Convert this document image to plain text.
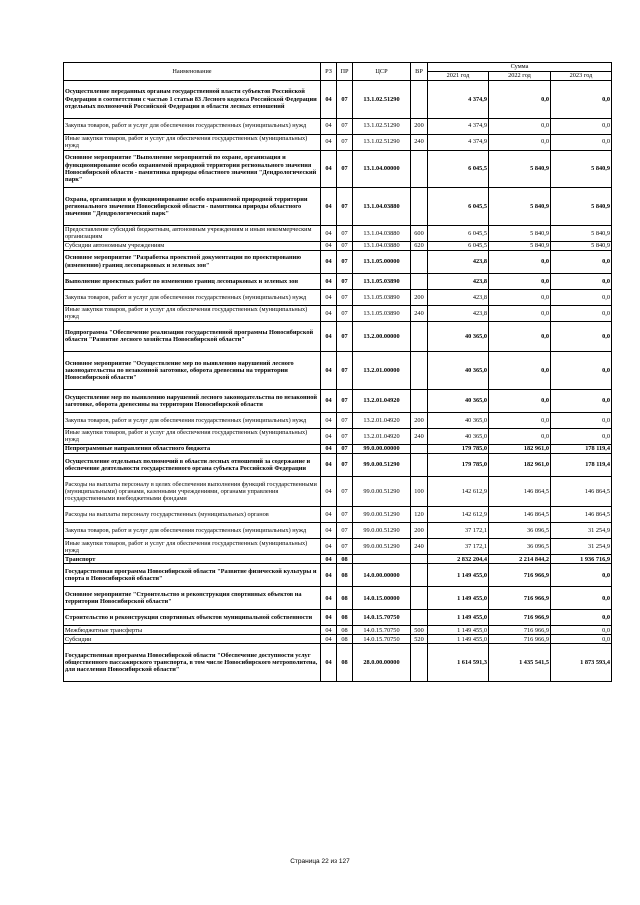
Наименование	РЗ	ПР	ЦСР	ВР	Сумма		
					2021 год	2022 год	2023 год
Осуществление переданных органам государственной власти субъектов Российской Федерации в соответствии с частью 1 статьи 83 Лесного кодекса Российской Федерации отдельных полномочий Российской Федерации в области лесных отношений	04	07	13.1.02.51290		4 374,9	0,0	0,0
Закупка товаров, работ и услуг для обеспечения государственных (муниципальных) нужд	04	07	13.1.02.51290	200	4 374,9	0,0	0,0
Иные закупки товаров, работ и услуг для обеспечения государственных (муниципальных) нужд	04	07	13.1.02.51290	240	4 374,9	0,0	0,0
Основное мероприятие "Выполнение мероприятий по охране, организация и функционирование особо охраняемой природной территории регионального значения Новосибирской области - памятника природы областного значения "Дендрологический парк"	04	07	13.1.04.00000		6 045,5	5 840,9	5 840,9
Охрана, организация и функционирование особо охраняемой природной территории регионального значения Новосибирской области - памятника природы областного значения "Дендрологический парк"	04	07	13.1.04.03880		6 045,5	5 840,9	5 840,9
Предоставление субсидий бюджетным, автономным учреждениям и иным некоммерческим организациям	04	07	13.1.04.03880	600	6 045,5	5 840,9	5 840,9
Субсидии автономным учреждениям	04	07	13.1.04.03880	620	6 045,5	5 840,9	5 840,9
Основное мероприятие "Разработка проектной документации по проектированию (изменению) границ лесопарковых и зеленых зон"	04	07	13.1.05.00000		423,8	0,0	0,0
Выполнение проектных работ по изменению границ лесопарковых и зеленых зон	04	07	13.1.05.03890		423,8	0,0	0,0
Закупка товаров, работ и услуг для обеспечения государственных (муниципальных) нужд	04	07	13.1.05.03890	200	423,8	0,0	0,0
Иные закупки товаров, работ и услуг для обеспечения государственных (муниципальных) нужд	04	07	13.1.05.03890	240	423,8	0,0	0,0
Подпрограмма "Обеспечение реализации государственной программы Новосибирской области "Развитие лесного хозяйства Новосибирской области"	04	07	13.2.00.00000		40 365,0	0,0	0,0
Основное мероприятие "Осуществление мер по выявлению нарушений лесного законодательства по незаконной заготовке, оборота древесины на территории Новосибирской области"	04	07	13.2.01.00000		40 365,0	0,0	0,0
Осуществление мер по выявлению нарушений лесного законодательства по незаконной заготовке, оборота древесины на территории Новосибирской области	04	07	13.2.01.04920		40 365,0	0,0	0,0
Закупка товаров, работ и услуг для обеспечения государственных (муниципальных) нужд	04	07	13.2.01.04920	200	40 365,0	0,0	0,0
Иные закупки товаров, работ и услуг для обеспечения государственных (муниципальных) нужд	04	07	13.2.01.04920	240	40 365,0	0,0	0,0
Непрограммные направления областного бюджета	04	07	99.0.00.00000		179 785,0	182 961,0	178 119,4
Осуществление отдельных полномочий в области лесных отношений за содержание и обеспечение деятельности государственного органа субъекта Российской Федерации	04	07	99.0.00.51290		179 785,0	182 961,0	178 119,4
Расходы на выплаты персоналу в целях обеспечения выполнения функций государственными (муниципальными) органами, казенными учреждениями, органами управления государственными внебюджетными фондами	04	07	99.0.00.51290	100	142 612,9	146 864,5	146 864,5
Расходы на выплаты персоналу государственных (муниципальных) органов	04	07	99.0.00.51290	120	142 612,9	146 864,5	146 864,5
Закупка товаров, работ и услуг для обеспечения государственных (муниципальных) нужд	04	07	99.0.00.51290	200	37 172,1	36 096,5	31 254,9
Иные закупки товаров, работ и услуг для обеспечения государственных (муниципальных) нужд	04	07	99.0.00.51290	240	37 172,1	36 096,5	31 254,9
Транспорт	04	08			2 832 204,4	2 214 844,2	1 936 716,9
Государственная программа Новосибирской области "Развитие физической культуры и спорта в Новосибирской области"	04	08	14.0.00.00000		1 149 455,0	716 966,9	0,0
Основное мероприятие "Строительство и реконструкция спортивных объектов на территории Новосибирской области"	04	08	14.0.15.00000		1 149 455,0	716 966,9	0,0
Строительство и реконструкция спортивных объектов муниципальной собственности	04	08	14.0.15.70750		1 149 455,0	716 966,9	0,0
Межбюджетные трансферты	04	08	14.0.15.70750	500	1 149 455,0	716 966,9	0,0
Субсидии	04	08	14.0.15.70750	520	1 149 455,0	716 966,9	0,0
Государственная программа Новосибирской области "Обеспечение доступности услуг общественного пассажирского транспорта, в том числе Новосибирского метрополитена, для населения Новосибирской области"	04	08	28.0.00.00000		1 614 591,3	1 435 541,5	1 873 593,4
Страница 22 из 127
